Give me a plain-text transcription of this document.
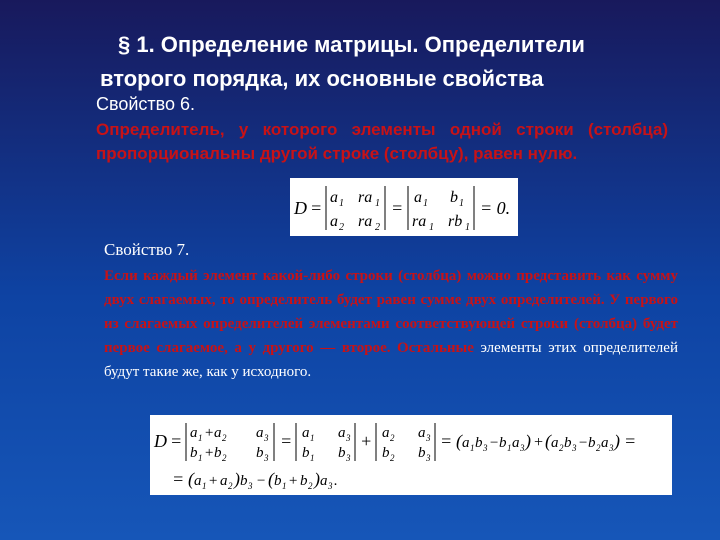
§ 1. Определение матрицы. Определители
второго порядка, их основные свойства
Свойство 6.
Определитель, у которого элементы одной строки (столбца) пропорциональны другой строке (столбцу), равен нулю.
D =
a 1 ra 1
a 2 ra 2
=
a 1 b 1
ra 1 rb 1
= 0.
Свойство 7.
Если каждый элемент какой-либо строки (столбца) можно представить как сумму двух слагаемых, то определитель будет равен сумме двух определителей. У первого из слагаемых определителей элементами соответствующей строки (столбца) будет первое слагаемое, а у другого — второе. Остальные элементы этих определителей будут такие же, как у исходного.
D = a 1 + a 2 a 3
b 1 + b 2 b 3
= a 1 a 3
b 1 b 3
+ a 2 a 3
b 2 b 3
= ( a 1 b 3 − b 1 a 3 ) + ( a 2 b 3 − b 2 a 3 ) =
= ( a 1 + a 2 ) b 3 − ( b 1 + b 2 ) a 3 .
